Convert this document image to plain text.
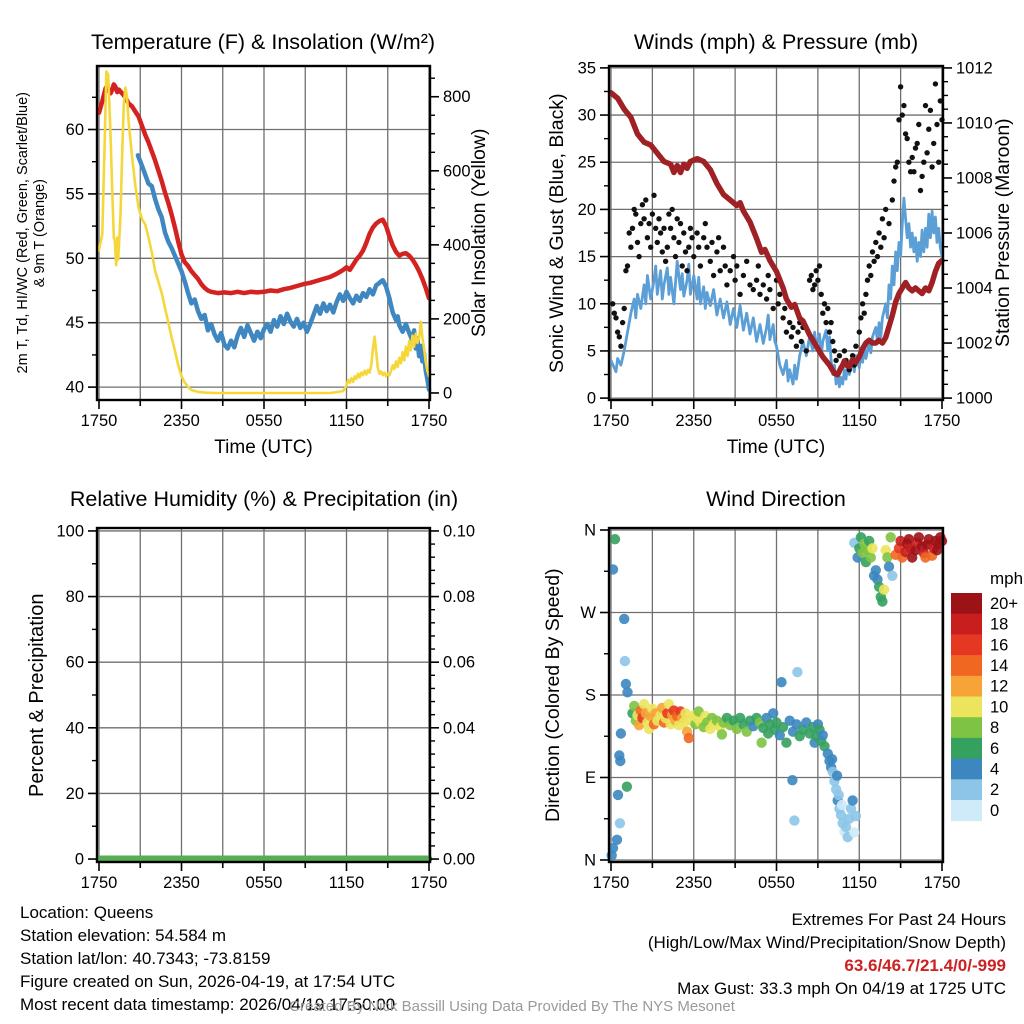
1750	2350	0550	1150	1750
40
45
50
55
60
0
200
400
600
800
1750	2350	0550	1150	1750
0
5
10
15
20
25
30
35
1000
1002
1004
1006
1008
1010
1012
1750	2350	0550	1150	1750
0
20
40
60
80
100
0.00
0.02
0.04
0.06
0.08
0.10
1750	2350	0550	1150	1750
N
E
S
W
N
mph
20+
18
16
14
12
10
8
6
4
2
0
Temperature (F) & Insolation (W/m²)	Winds (mph) & Pressure (mb)
Relative Humidity (%) & Precipitation (in)	Wind Direction
Time (UTC)	Time (UTC)
2m T, Td, HI/WC (Red, Green, Scarlet/Blue) & 9m T (Orange)	Solar Insolation (Yellow)	Sonic Wind & Gust (Blue, Black)	Station Pressure (Maroon)
Percent & Precipitation	Direction (Colored By Speed)
Location: Queens
Station elevation: 54.584 m
Station lat/lon: 40.7343; -73.8159
Figure created on Sun, 2026-04-19, at 17:54 UTC
Most recent data timestamp: 2026/04/19 17:50:00
Extremes For Past 24 Hours
(High/Low/Max Wind/Precipitation/Snow Depth)
63.6/46.7/21.4/0/-999
Max Gust: 33.3 mph On 04/19 at 1725 UTC
Created By Nick Bassill Using Data Provided By The NYS Mesonet
